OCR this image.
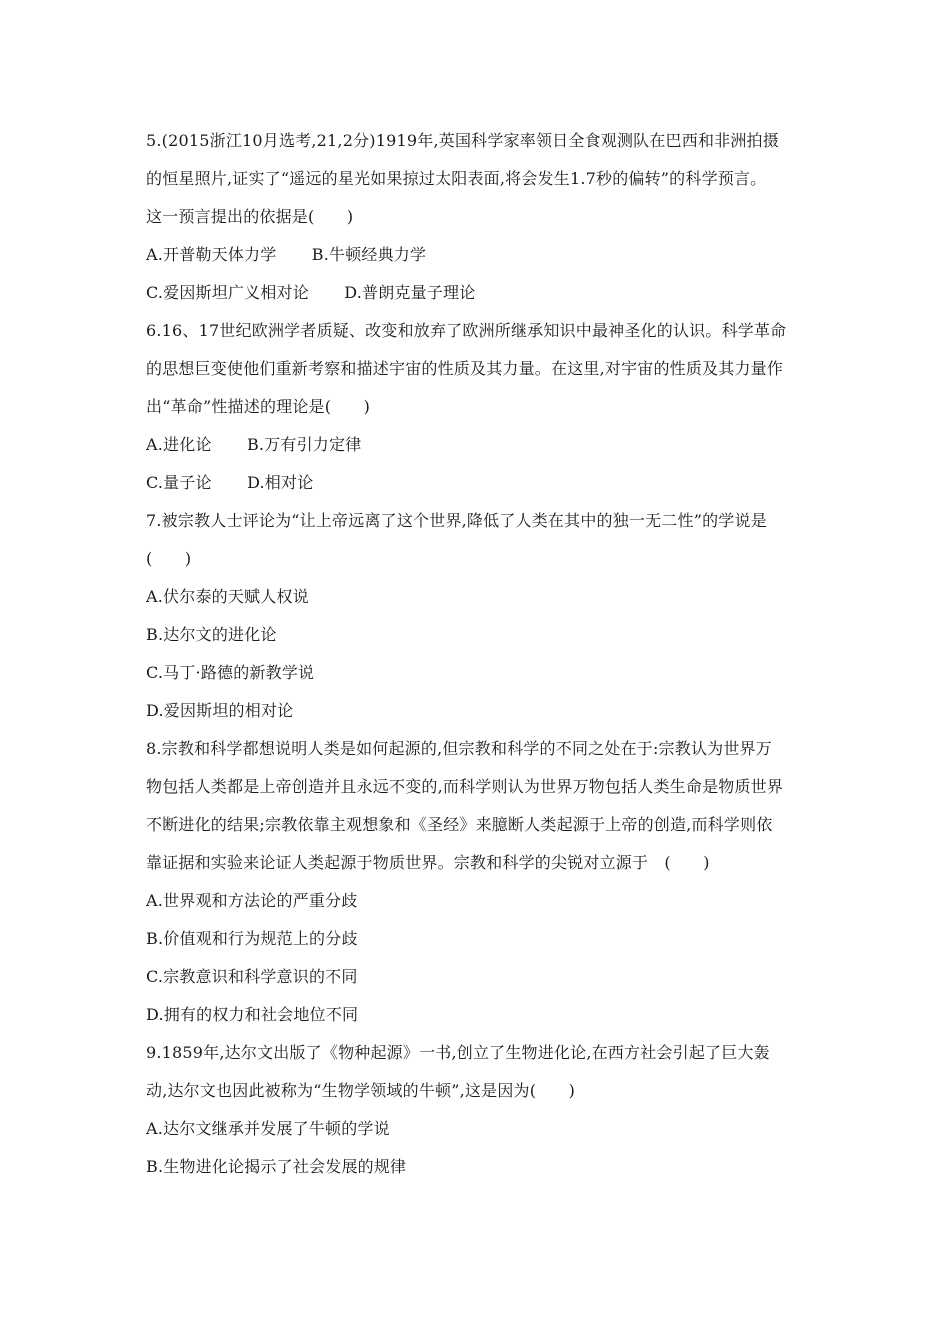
5.(2015浙江10月选考,21,2分)1919年,英国科学家率领日全食观测队在巴西和非洲拍摄
的恒星照片,证实了“遥远的星光如果掠过太阳表面,将会发生1.7秒的偏转”的科学预言。
这一预言提出的依据是(　　)
A.开普勒天体力学 B.牛顿经典力学
C.爱因斯坦广义相对论 D.普朗克量子理论
6.16、17世纪欧洲学者质疑、改变和放弃了欧洲所继承知识中最神圣化的认识。科学革命
的思想巨变使他们重新考察和描述宇宙的性质及其力量。在这里,对宇宙的性质及其力量作
出“革命”性描述的理论是(　　)
A.进化论 B.万有引力定律
C.量子论 D.相对论
7.被宗教人士评论为“让上帝远离了这个世界,降低了人类在其中的独一无二性”的学说是
(　　)
A.伏尔泰的天赋人权说
B.达尔文的进化论
C.马丁·路德的新教学说
D.爱因斯坦的相对论
8.宗教和科学都想说明人类是如何起源的,但宗教和科学的不同之处在于:宗教认为世界万
物包括人类都是上帝创造并且永远不变的,而科学则认为世界万物包括人类生命是物质世界
不断进化的结果;宗教依靠主观想象和《圣经》来臆断人类起源于上帝的创造,而科学则依
靠证据和实验来论证人类起源于物质世界。宗教和科学的尖锐对立源于　(　　)
A.世界观和方法论的严重分歧
B.价值观和行为规范上的分歧
C.宗教意识和科学意识的不同
D.拥有的权力和社会地位不同
9.1859年,达尔文出版了《物种起源》一书,创立了生物进化论,在西方社会引起了巨大轰
动,达尔文也因此被称为“生物学领域的牛顿”,这是因为(　　)
A.达尔文继承并发展了牛顿的学说
B.生物进化论揭示了社会发展的规律
